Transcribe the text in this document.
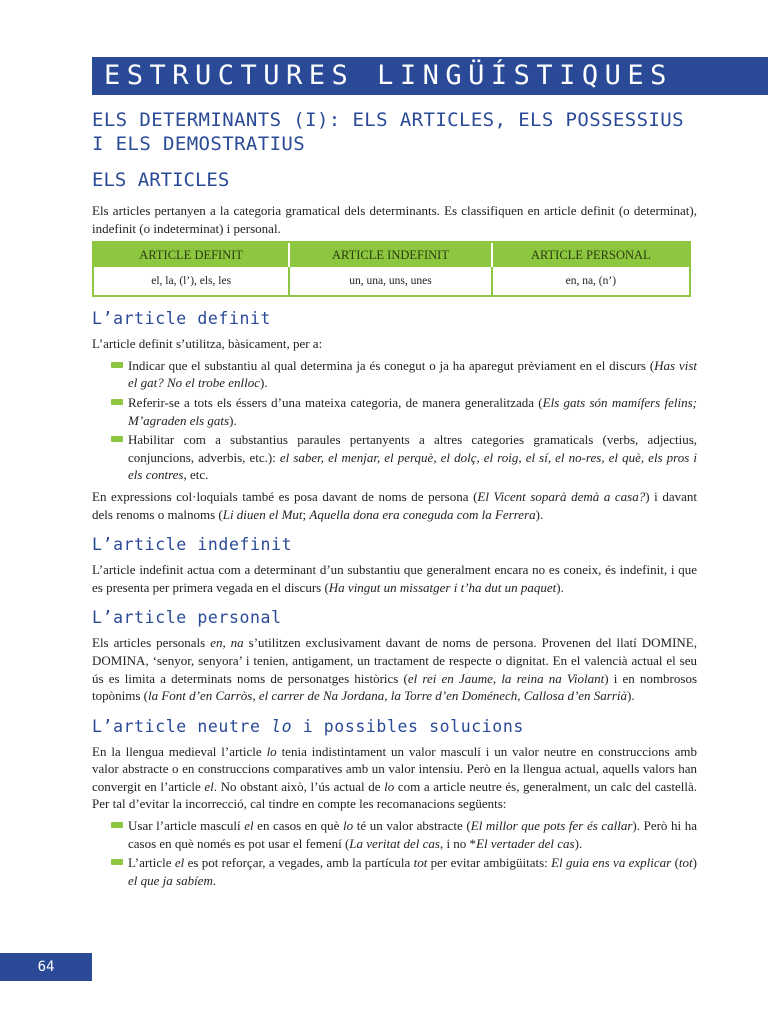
ESTRUCTURES LINGÜÍSTIQUES
ELS DETERMINANTS (I): ELS ARTICLES, ELS POSSESSIUS I ELS DEMOSTRATIUS
ELS ARTICLES

Els articles pertanyen a la categoria gramatical dels determinants. Es classifiquen en article definit (o determinat), indefinit (o indeterminat) i personal.

ARTICLE DEFINIT	ARTICLE INDEFINIT	ARTICLE PERSONAL
el, la, (l’), els, les	un, una, uns, unes	en, na, (n’)
L’article definit

L’article definit s’utilitza, bàsicament, per a:

Indicar que el substantiu al qual determina ja és conegut o ja ha aparegut prèviament en el discurs (Has vist el gat? No el trobe enlloc).
Referir-se a tots els éssers d’una mateixa categoria, de manera generalitzada (Els gats són mamífers felins; M’agraden els gats).
Habilitar com a substantius paraules pertanyents a altres categories gramaticals (verbs, adjectius, conjuncions, adverbis, etc.): el saber, el menjar, el perquè, el dolç, el roig, el sí, el no-res, el què, els pros i els contres, etc.

En expressions col·loquials també es posa davant de noms de persona (El Vicent soparà demà a casa?) i davant dels renoms o malnoms (Li diuen el Mut; Aquella dona era coneguda com la Ferrera).

L’article indefinit

L’article indefinit actua com a determinant d’un substantiu que generalment encara no es coneix, és indefinit, i que es presenta per primera vegada en el discurs (Ha vingut un missatger i t’ha dut un paquet).

L’article personal

Els articles personals en, na s’utilitzen exclusivament davant de noms de persona. Provenen del llatí DOMINE, DOMINA, ‘senyor, senyora’ i tenien, antigament, un tractament de respecte o dignitat. En el valencià actual el seu ús es limita a determinats noms de personatges històrics (el rei en Jaume, la reina na Violant) i en nombrosos topònims (la Font d’en Carròs, el carrer de Na Jordana, la Torre d’en Doménech, Callosa d’en Sarrià).

L’article neutre lo i possibles solucions

En la llengua medieval l’article lo tenia indistintament un valor masculí i un valor neutre en construccions amb valor abstracte o en construccions comparatives amb un valor intensiu. Però en la llengua actual, aquells valors han convergit en l’article el. No obstant això, l’ús actual de lo com a article neutre és, generalment, un calc del castellà. Per tal d’evitar la incorrecció, cal tindre en compte les recomanacions següents:

Usar l’article masculí el en casos en què lo té un valor abstracte (El millor que pots fer és callar). Però hi ha casos en què només es pot usar el femení (La veritat del cas, i no *El vertader del cas).
L’article el es pot reforçar, a vegades, amb la partícula tot per evitar ambigüitats: El guia ens va explicar (tot) el que ja sabíem.
64
